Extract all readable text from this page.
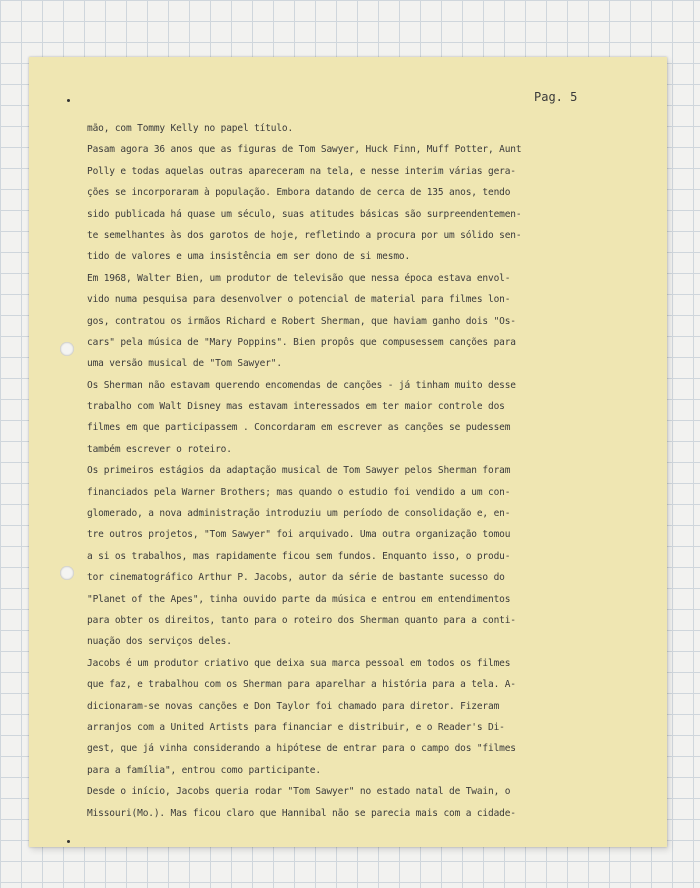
Pag. 5
mão, com Tommy Kelly no papel título.
Pasam agora 36 anos que as figuras de Tom Sawyer, Huck Finn, Muff Potter, Aunt
Polly e todas aquelas outras apareceram na tela, e nesse interim várias gera-
ções se incorporaram à população. Embora datando de cerca de 135 anos, tendo
sido publicada há quase um século, suas atitudes básicas são surpreendentemen-
te semelhantes às dos garotos de hoje, refletindo a procura por um sólido sen-
tido de valores e uma insistência em ser dono de si mesmo.
Em 1968, Walter Bien, um produtor de televisão que nessa época estava envol-
vido numa pesquisa para desenvolver o potencial de material para filmes lon-
gos, contratou os irmãos Richard e Robert Sherman, que haviam ganho dois "Os-
cars" pela música de "Mary Poppins". Bien propôs que compusessem canções para
uma versão musical de "Tom Sawyer".
Os Sherman não estavam querendo encomendas de canções - já tinham muito desse
trabalho com Walt Disney mas estavam interessados em ter maior controle dos
filmes em que participassem . Concordaram em escrever as canções se pudessem
também escrever o roteiro.
Os primeiros estágios da adaptação musical de Tom Sawyer pelos Sherman foram
financiados pela Warner Brothers; mas quando o estudio foi vendido a um con-
glomerado, a nova administração introduziu um período de consolidação e, en-
tre outros projetos, "Tom Sawyer" foi arquivado. Uma outra organização tomou
a si os trabalhos, mas rapidamente ficou sem fundos. Enquanto isso, o produ-
tor cinematográfico Arthur P. Jacobs, autor da série de bastante sucesso do
"Planet of the Apes", tinha ouvido parte da música e entrou em entendimentos
para obter os direitos, tanto para o roteiro dos Sherman quanto para a conti-
nuação dos serviços deles.
Jacobs é um produtor criativo que deixa sua marca pessoal em todos os filmes
que faz, e trabalhou com os Sherman para aparelhar a história para a tela. A-
dicionaram-se novas canções e Don Taylor foi chamado para diretor. Fizeram
arranjos com a United Artists para financiar e distribuir, e o Reader's Di-
gest, que já vinha considerando a hipótese de entrar para o campo dos "filmes
para a família", entrou como participante.
Desde o início, Jacobs queria rodar "Tom Sawyer" no estado natal de Twain, o
Missouri(Mo.). Mas ficou claro que Hannibal não se parecia mais com a cidade-
